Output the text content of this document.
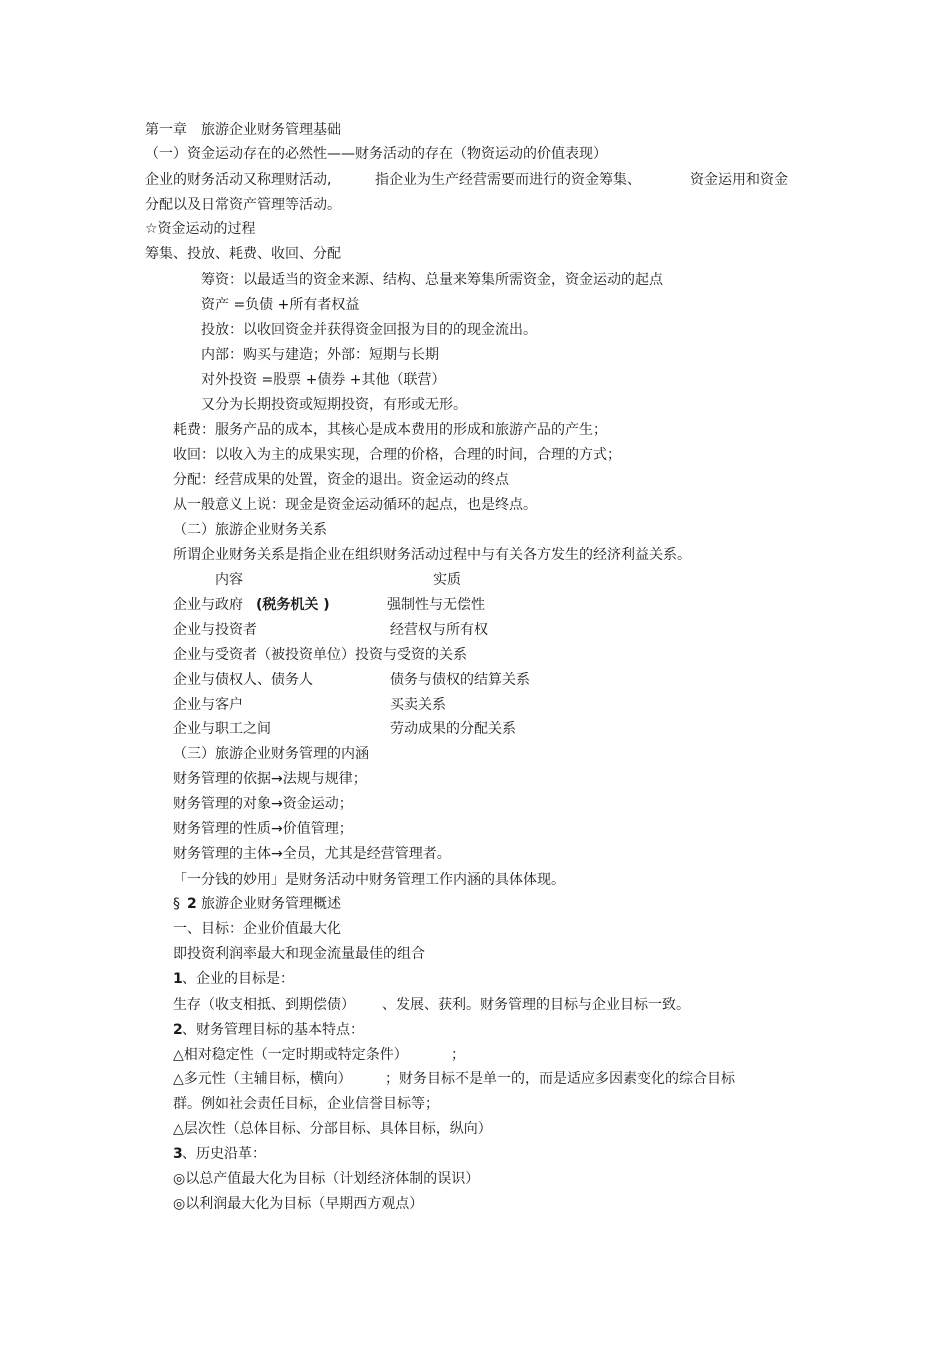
第一章　旅游企业财务管理基础
（一）资金运动存在的必然性——财务活动的存在（物资运动的价值表现）
企业的财务活动又称理财活动,	指企业为生产经营需要而进行的资金筹集、	资金运用和资金
分配以及日常资产管理等活动。
☆资金运动的过程
筹集、投放、耗费、收回、分配
筹资：以最适当的资金来源、结构、总量来筹集所需资金，资金运动的起点
资产 =负债 +所有者权益
投放：以收回资金并获得资金回报为目的的现金流出。
内部：购买与建造；外部：短期与长期
对外投资 =股票 +债券 +其他（联营）
又分为长期投资或短期投资，有形或无形。
耗费：服务产品的成本，其核心是成本费用的形成和旅游产品的产生；
收回：以收入为主的成果实现，合理的价格，合理的时间，合理的方式；
分配：经营成果的处置，资金的退出。资金运动的终点
从一般意义上说：现金是资金运动循环的起点，也是终点。
（二）旅游企业财务关系
所谓企业财务关系是指企业在组织财务活动过程中与有关各方发生的经济利益关系。
内容	实质
企业与政府 (税务机关 )	强制性与无偿性
企业与投资者	经营权与所有权
企业与受资者（被投资单位）投资与受资的关系
企业与债权人、债务人	债务与债权的结算关系
企业与客户	买卖关系
企业与职工之间	劳动成果的分配关系
（三）旅游企业财务管理的内涵
财务管理的依据→法规与规律；
财务管理的对象→资金运动；
财务管理的性质→价值管理；
财务管理的主体→全员，尤其是经营管理者。
「一分钱的妙用」是财务活动中财务管理工作内涵的具体体现。
§ 2 旅游企业财务管理概述
一、目标：企业价值最大化
即投资利润率最大和现金流量最佳的组合
1 、企业的目标是：
生存（收支相抵、到期偿债） 、发展、获利。财务管理的目标与企业目标一致。
2 、财务管理目标的基本特点：
△相对稳定性（一定时期或特定条件）	；
△多元性（主辅目标，横向） ；财务目标不是单一的，而是适应多因素变化的综合目标
群。例如社会责任目标，企业信誉目标等；
△层次性（总体目标、分部目标、具体目标，纵向）
3 、历史沿革：
◎以总产值最大化为目标（计划经济体制的误识）
◎以利润最大化为目标（早期西方观点）
